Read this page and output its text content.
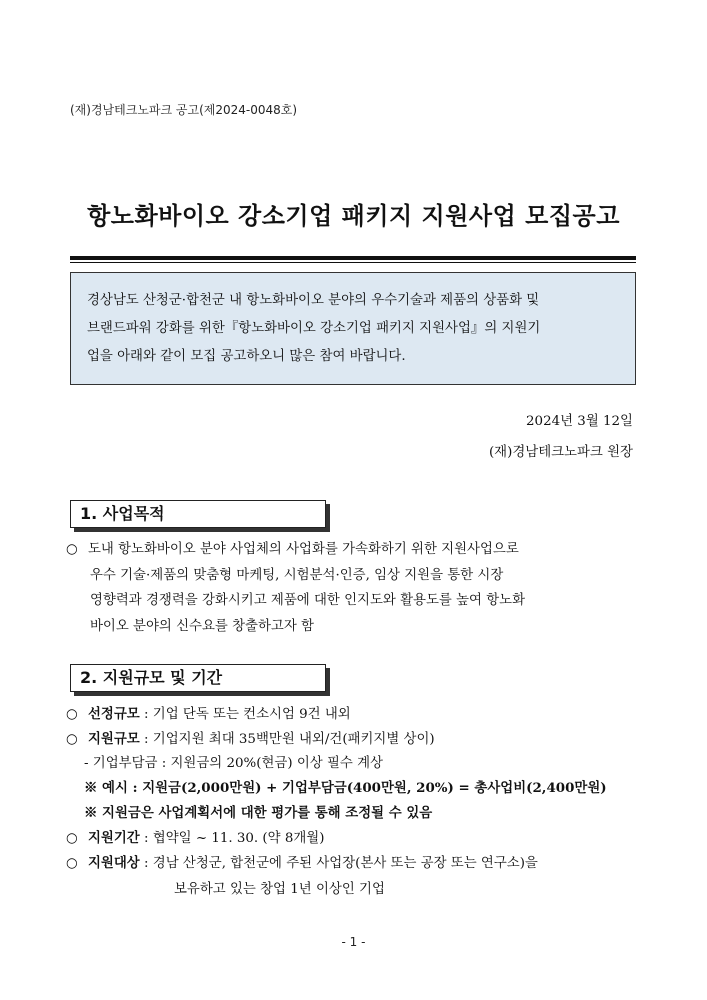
(재)경남테크노파크 공고(제2024-0048호)
항노화바이오 강소기업 패키지 지원사업 모집공고
경상남도 산청군·합천군 내 항노화바이오 분야의 우수기술과 제품의 상품화 및
브랜드파워 강화를 위한『항노화바이오 강소기업 패키지 지원사업』의 지원기
업을 아래와 같이 모집 공고하오니 많은 참여 바랍니다.
2024년 3월 12일
(재)경남테크노파크 원장
1. 사업목적
○ 도내 항노화바이오 분야 사업체의 사업화를 가속화하기 위한 지원사업으로
우수 기술·제품의 맞춤형 마케팅, 시험분석·인증, 임상 지원을 통한 시장
영향력과 경쟁력을 강화시키고 제품에 대한 인지도와 활용도를 높여 항노화
바이오 분야의 신수요를 창출하고자 함
2. 지원규모 및 기간
○ 선정규모 : 기업 단독 또는 컨소시엄 9건 내외
○ 지원규모 : 기업지원 최대 35백만원 내외/건(패키지별 상이)
- 기업부담금 : 지원금의 20%(현금) 이상 필수 계상
※ 예시 : 지원금(2,000만원) + 기업부담금(400만원, 20%) = 총사업비(2,400만원)
※ 지원금은 사업계획서에 대한 평가를 통해 조정될 수 있음
○ 지원기간 : 협약일 ~ 11. 30. (약 8개월)
○ 지원대상 : 경남 산청군, 합천군에 주된 사업장(본사 또는 공장 또는 연구소)을
보유하고 있는 창업 1년 이상인 기업
- 1 -
